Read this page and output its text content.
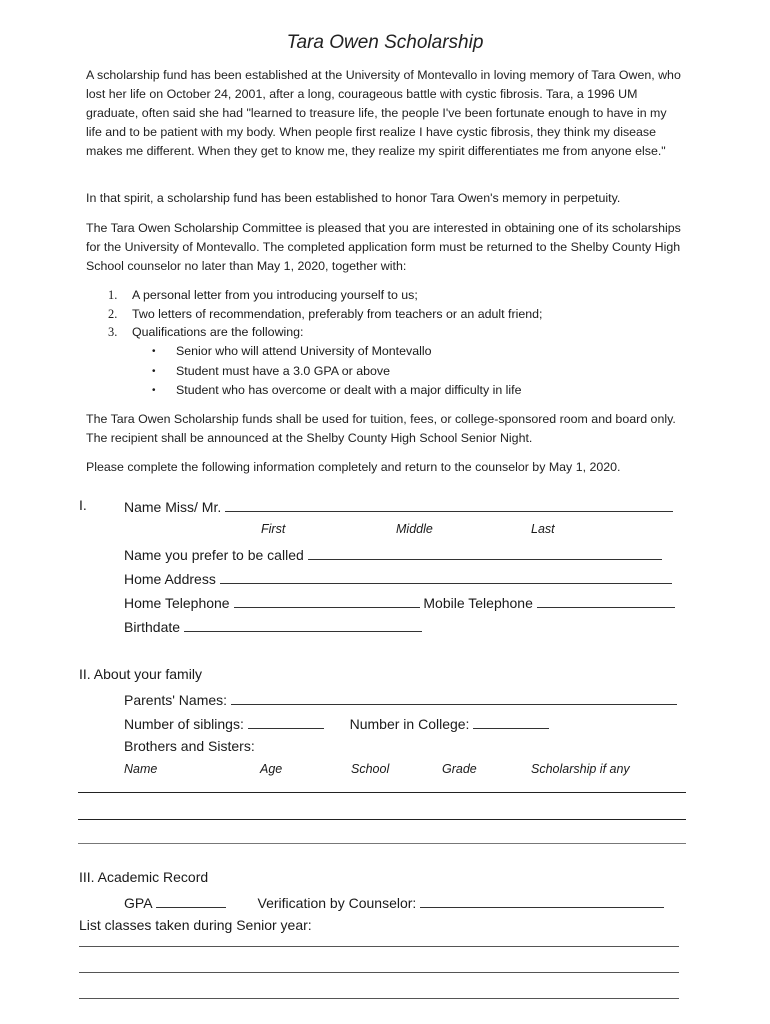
Tara Owen Scholarship
A scholarship fund has been established at the University of Montevallo in loving memory of Tara Owen, who lost her life on October 24, 2001, after a long, courageous battle with cystic fibrosis. Tara, a 1996 UM graduate, often said she had "learned to treasure life, the people I've been fortunate enough to have in my life and to be patient with my body. When people first realize I have cystic fibrosis, they think my disease makes me different. When they get to know me, they realize my spirit differentiates me from anyone else."
In that spirit, a scholarship fund has been established to honor Tara Owen's memory in perpetuity.
The Tara Owen Scholarship Committee is pleased that you are interested in obtaining one of its scholarships for the University of Montevallo. The completed application form must be returned to the Shelby County High School counselor no later than May 1, 2020, together with:
1.	A personal letter from you introducing yourself to us;
2.	Two letters of recommendation, preferably from teachers or an adult friend;
3.	Qualifications are the following:
•	Senior who will attend University of Montevallo
•	Student must have a 3.0 GPA or above
•	Student who has overcome or dealt with a major difficulty in life
The Tara Owen Scholarship funds shall be used for tuition, fees, or college-sponsored room and board only. The recipient shall be announced at the Shelby County High School Senior Night.
Please complete the following information completely and return to the counselor by May 1, 2020.
I.	Name Miss/ Mr.
First	Middle	Last
Name you prefer to be called
Home Address
Home Telephone	Mobile Telephone
Birthdate
II. About your family
Parents' Names:
Number of siblings:	Number in College:
Brothers and Sisters:
Name	Age	School	Grade	Scholarship if any
III. Academic Record
GPA	Verification by Counselor:
List classes taken during Senior year:
